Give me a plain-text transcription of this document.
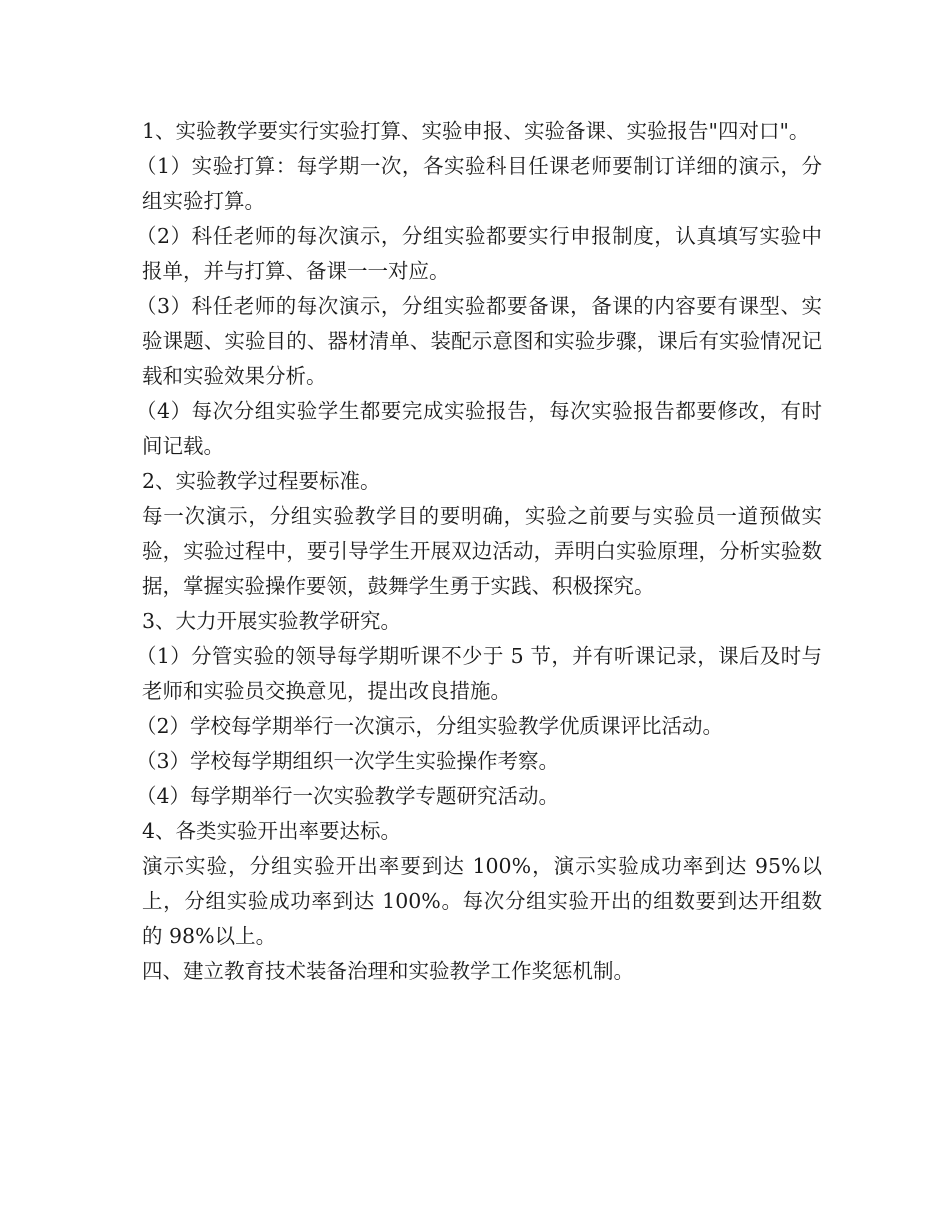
1、实验教学要实行实验打算、实验申报、实验备课、实验报告"四对口"。

（1）实验打算：每学期一次，各实验科目任课老师要制订详细的演示，分组实验打算。

（2）科任老师的每次演示，分组实验都要实行申报制度，认真填写实验中报单，并与打算、备课一一对应。

（3）科任老师的每次演示，分组实验都要备课，备课的内容要有课型、实验课题、实验目的、器材清单、装配示意图和实验步骤，课后有实验情况记载和实验效果分析。

（4）每次分组实验学生都要完成实验报告，每次实验报告都要修改，有时间记载。

2、实验教学过程要标准。

每一次演示，分组实验教学目的要明确，实验之前要与实验员一道预做实验，实验过程中，要引导学生开展双边活动，弄明白实验原理，分析实验数据，掌握实验操作要领，鼓舞学生勇于实践、积极探究。

3、大力开展实验教学研究。

（1）分管实验的领导每学期听课不少于 5 节，并有听课记录，课后及时与老师和实验员交换意见，提出改良措施。

（2）学校每学期举行一次演示，分组实验教学优质课评比活动。

（3）学校每学期组织一次学生实验操作考察。

（4）每学期举行一次实验教学专题研究活动。

4、各类实验开出率要达标。

演示实验，分组实验开出率要到达 100%，演示实验成功率到达 95%以上，分组实验成功率到达 100%。每次分组实验开出的组数要到达开组数的 98%以上。

四、建立教育技术装备治理和实验教学工作奖惩机制。
